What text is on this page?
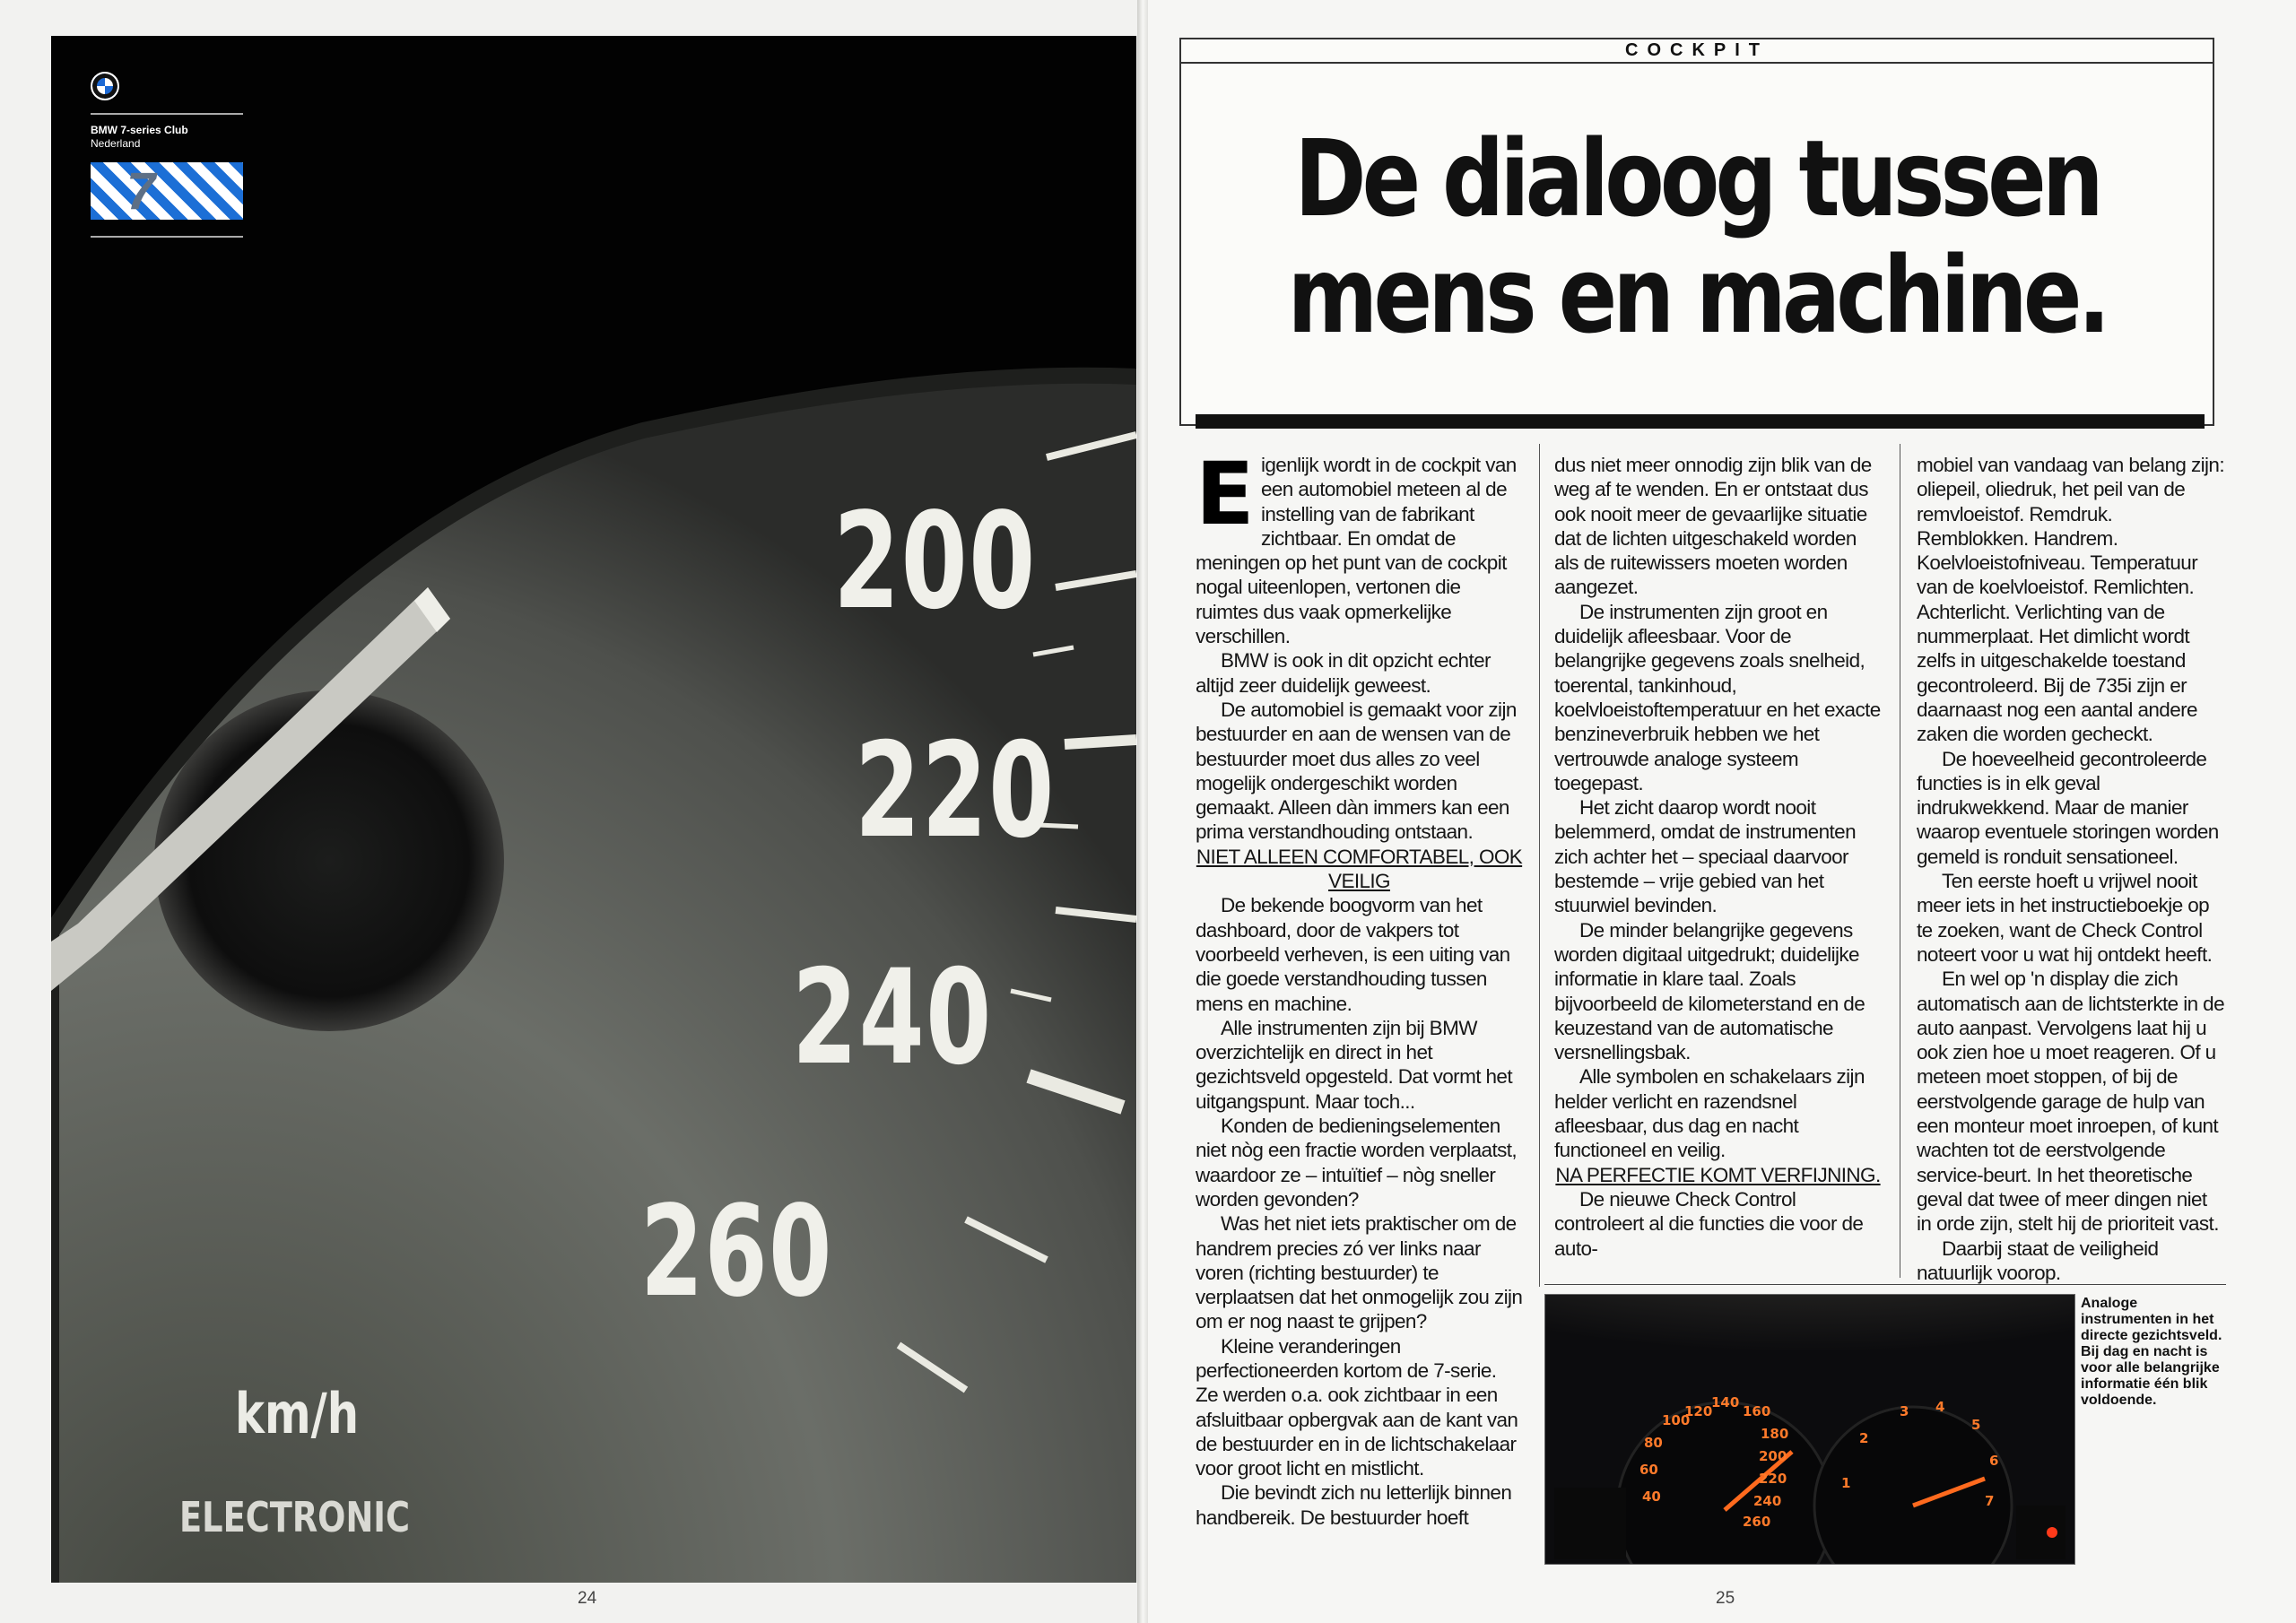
BMW 7-series Club
Nederland
7
200
220
240
260
km/h
ELECTRONIC
24
COCKPIT
De dialoog tussen
mens en machine.

Eigenlijk wordt in de cockpit van een automobiel meteen al de instelling van de fabrikant zichtbaar. En omdat de meningen op het punt van de cockpit nogal uiteenlopen, vertonen die ruimtes dus vaak opmerkelijke verschillen.

BMW is ook in dit opzicht echter altijd zeer duidelijk geweest.

De automobiel is gemaakt voor zijn bestuurder en aan de wensen van de bestuurder moet dus alles zo veel mogelijk ondergeschikt worden gemaakt. Alleen dàn immers kan een prima verstandhouding ontstaan.

NIET ALLEEN COMFORTABEL, OOK VEILIG

De bekende boogvorm van het dashboard, door de vakpers tot voorbeeld verheven, is een uiting van die goede verstandhouding tussen mens en machine.

Alle instrumenten zijn bij BMW overzichtelijk en direct in het gezichtsveld opgesteld. Dat vormt het uitgangspunt. Maar toch...

Konden de bedieningselementen niet nòg een fractie worden verplaatst, waardoor ze – intuïtief – nòg sneller worden gevonden?

Was het niet iets praktischer om de handrem precies zó ver links naar voren (richting bestuurder) te verplaatsen dat het onmogelijk zou zijn om er nog naast te grijpen?

Kleine veranderingen perfectioneerden kortom de 7-serie. Ze werden o.a. ook zichtbaar in een afsluitbaar opbergvak aan de kant van de bestuurder en in de lichtschakelaar voor groot licht en mistlicht.

Die bevindt zich nu letterlijk binnen handbereik. De bestuurder hoeft

dus niet meer onnodig zijn blik van de weg af te wenden. En er ontstaat dus ook nooit meer de gevaarlijke situatie dat de lichten uitgeschakeld worden als de ruitewissers moeten worden aangezet.

De instrumenten zijn groot en duidelijk afleesbaar. Voor de belangrijke gegevens zoals snelheid, toerental, tankinhoud, koelvloeistoftemperatuur en het exacte benzineverbruik hebben we het vertrouwde analoge systeem toegepast.

Het zicht daarop wordt nooit belemmerd, omdat de instrumenten zich achter het – speciaal daarvoor bestemde – vrije gebied van het stuurwiel bevinden.

De minder belangrijke gegevens worden digitaal uitgedrukt; duidelijke informatie in klare taal. Zoals bijvoorbeeld de kilometerstand en de keuzestand van de automatische versnellingsbak.

Alle symbolen en schakelaars zijn helder verlicht en razendsnel afleesbaar, dus dag en nacht functioneel en veilig.

NA PERFECTIE KOMT VERFIJNING.

De nieuwe Check Control controleert al die functies die voor de auto-

mobiel van vandaag van belang zijn: oliepeil, oliedruk, het peil van de remvloeistof. Remdruk. Remblokken. Handrem. Koelvloeistofniveau. Temperatuur van de koelvloeistof. Remlichten. Achterlicht. Verlichting van de nummerplaat. Het dimlicht wordt zelfs in uitgeschakelde toestand gecontroleerd. Bij de 735i zijn er daarnaast nog een aantal andere zaken die worden gecheckt.

De hoeveelheid gecontroleerde functies is in elk geval indrukwekkend. Maar de manier waarop eventuele storingen worden gemeld is ronduit sensationeel.

Ten eerste hoeft u vrijwel nooit meer iets in het instructieboekje op te zoeken, want de Check Control noteert voor u wat hij ontdekt heeft.

En wel op 'n display die zich automatisch aan de lichtsterkte in de auto aanpast. Vervolgens laat hij u ook zien hoe u moet reageren. Of u meteen moet stoppen, of bij de eerstvolgende garage de hulp van een monteur moet inroepen, of kunt wachten tot de eerstvolgende service-beurt. In het theoretische geval dat twee of meer dingen niet in orde zijn, stelt hij de prioriteit vast.

Daarbij staat de veiligheid natuurlijk voorop.

100
120
140
160
180
200
220
240
260
80
60
40
1
2
3 4
5
6
7
Analoge instrumenten in het directe gezichtsveld. Bij dag en nacht is voor alle belangrijke informatie één blik voldoende.
25
